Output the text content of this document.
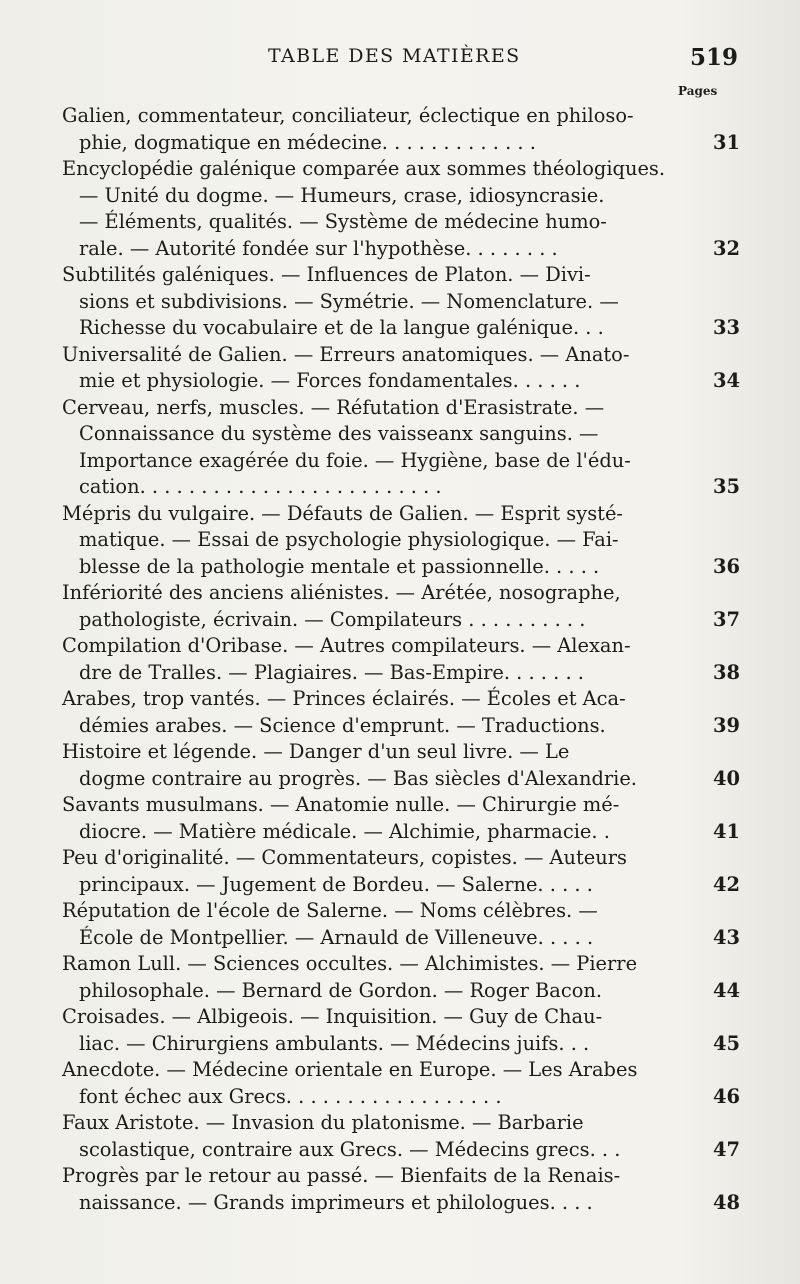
TABLE DES MATIÈRES	519
Pages
Galien, commentateur, conciliateur, éclectique en philoso-
phie, dogmatique en médecine. . . . . . . . . . . . .	31
Encyclopédie galénique comparée aux sommes théologiques.
— Unité du dogme. — Humeurs, crase, idiosyncrasie.
— Éléments, qualités. — Système de médecine humo-
rale. — Autorité fondée sur l'hypothèse. . . . . . . .	32
Subtilités galéniques. — Influences de Platon. — Divi-
sions et subdivisions. — Symétrie. — Nomenclature. —
Richesse du vocabulaire et de la langue galénique. . .	33
Universalité de Galien. — Erreurs anatomiques. — Anato-
mie et physiologie. — Forces fondamentales. . . . . .	34
Cerveau, nerfs, muscles. — Réfutation d'Erasistrate. —
Connaissance du système des vaisseanx sanguins. —
Importance exagérée du foie. — Hygiène, base de l'édu-
cation. . . . . . . . . . . . . . . . . . . . . . . . .	35
Mépris du vulgaire. — Défauts de Galien. — Esprit systé-
matique. — Essai de psychologie physiologique. — Fai-
blesse de la pathologie mentale et passionnelle. . . . .	36
Infériorité des anciens aliénistes. — Arétée, nosographe,
pathologiste, écrivain. — Compilateurs . . . . . . . . . .	37
Compilation d'Oribase. — Autres compilateurs. — Alexan-
dre de Tralles. — Plagiaires. — Bas-Empire. . . . . . .	38
Arabes, trop vantés. — Princes éclairés. — Écoles et Aca-
démies arabes. — Science d'emprunt. — Traductions.	39
Histoire et légende. — Danger d'un seul livre. — Le
dogme contraire au progrès. — Bas siècles d'Alexandrie.	40
Savants musulmans. — Anatomie nulle. — Chirurgie mé-
diocre. — Matière médicale. — Alchimie, pharmacie. .	41
Peu d'originalité. — Commentateurs, copistes. — Auteurs
principaux. — Jugement de Bordeu. — Salerne. . . . .	42
Réputation de l'école de Salerne. — Noms célèbres. —
École de Montpellier. — Arnauld de Villeneuve. . . . .	43
Ramon Lull. — Sciences occultes. — Alchimistes. — Pierre
philosophale. — Bernard de Gordon. — Roger Bacon.	44
Croisades. — Albigeois. — Inquisition. — Guy de Chau-
liac. — Chirurgiens ambulants. — Médecins juifs. . .	45
Anecdote. — Médecine orientale en Europe. — Les Arabes
font échec aux Grecs. . . . . . . . . . . . . . . . . .	46
Faux Aristote. — Invasion du platonisme. — Barbarie
scolastique, contraire aux Grecs. — Médecins grecs. . .	47
Progrès par le retour au passé. — Bienfaits de la Renais-
naissance. — Grands imprimeurs et philologues. . . .	48
